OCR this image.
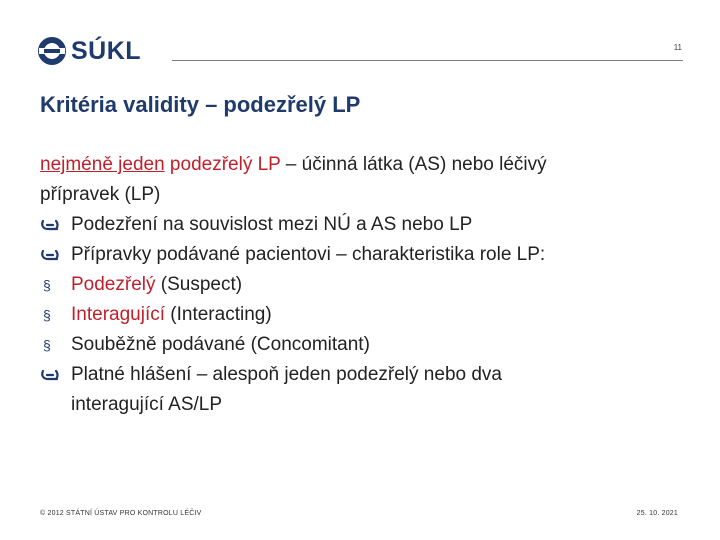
SÚKL	11
Kritéria validity – podezřelý LP
nejméně jeden podezřelý LP – účinná látka (AS) nebo léčivý
přípravek (LP)
Podezření na souvislost mezi NÚ a AS nebo LP
Přípravky podávané pacientovi – charakteristika role LP:
§	Podezřelý (Suspect)
§	Interagující (Interacting)
§	Souběžně podávané (Concomitant)
Platné hlášení – alespoň jeden podezřelý nebo dva
interagující AS/LP
© 2012 STÁTNÍ ÚSTAV PRO KONTROLU LÉČIV	25. 10. 2021
